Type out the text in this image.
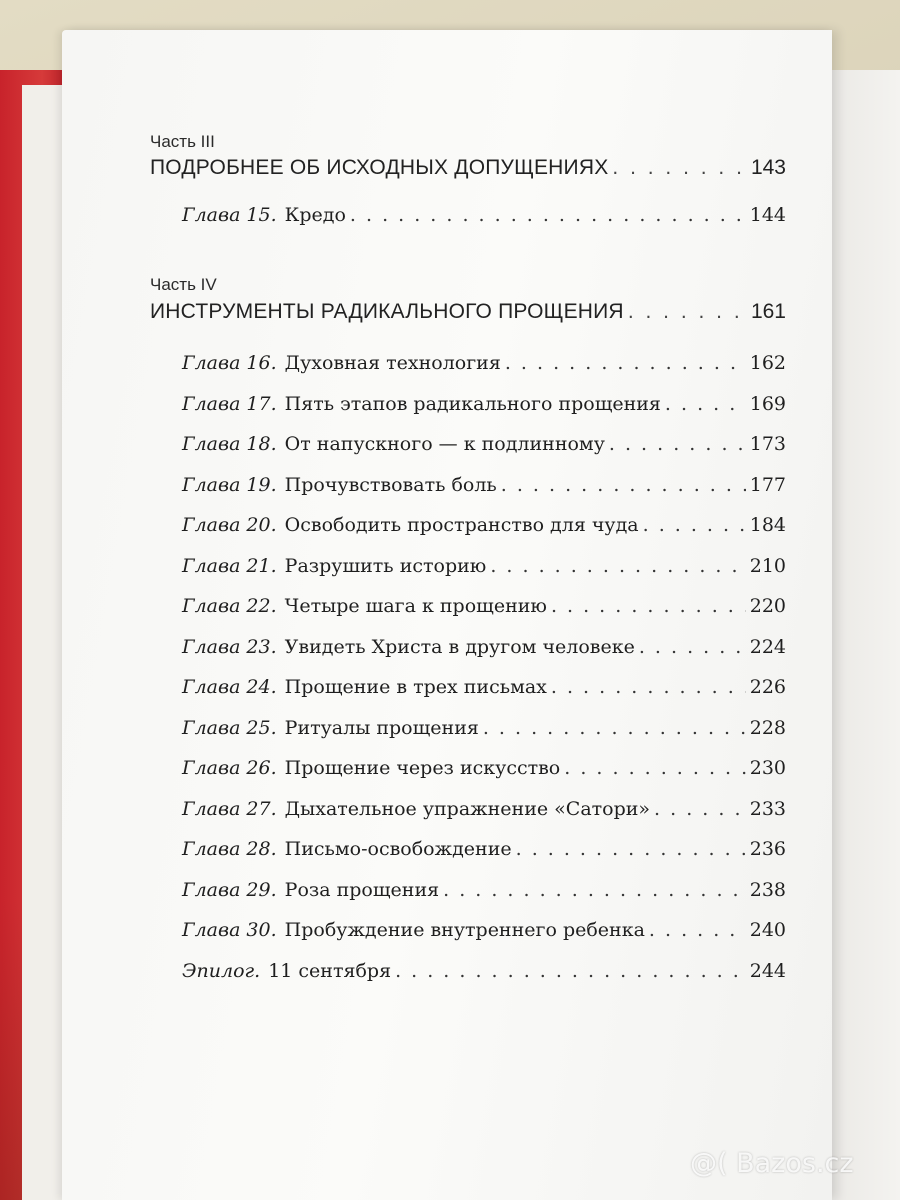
Часть III
ПОДРОБНЕЕ ОБ ИСХОДНЫХ ДОПУЩЕНИЯХ . . .	143
Глава 15. Кредо . . .	144
Часть IV
ИНСТРУМЕНТЫ РАДИКАЛЬНОГО ПРОЩЕНИЯ . . .	161
Глава 16. Духовная технология . . .	162
Глава 17. Пять этапов радикального прощения . . .	169
Глава 18. От напускного — к подлинному . . .	173
Глава 19. Прочувствовать боль . . .	177
Глава 20. Освободить пространство для чуда . . .	184
Глава 21. Разрушить историю . . .	210
Глава 22. Четыре шага к прощению . . .	220
Глава 23. Увидеть Христа в другом человеке . . .	224
Глава 24. Прощение в трех письмах . . .	226
Глава 25. Ритуалы прощения . . .	228
Глава 26. Прощение через искусство . . .	230
Глава 27. Дыхательное упражнение «Сатори» . . .	233
Глава 28. Письмо-освобождение . . .	236
Глава 29. Роза прощения . . .	238
Глава 30. Пробуждение внутреннего ребенка . . .	240
Эпилог. 11 сентября . . .	244
@( Bazos.cz
